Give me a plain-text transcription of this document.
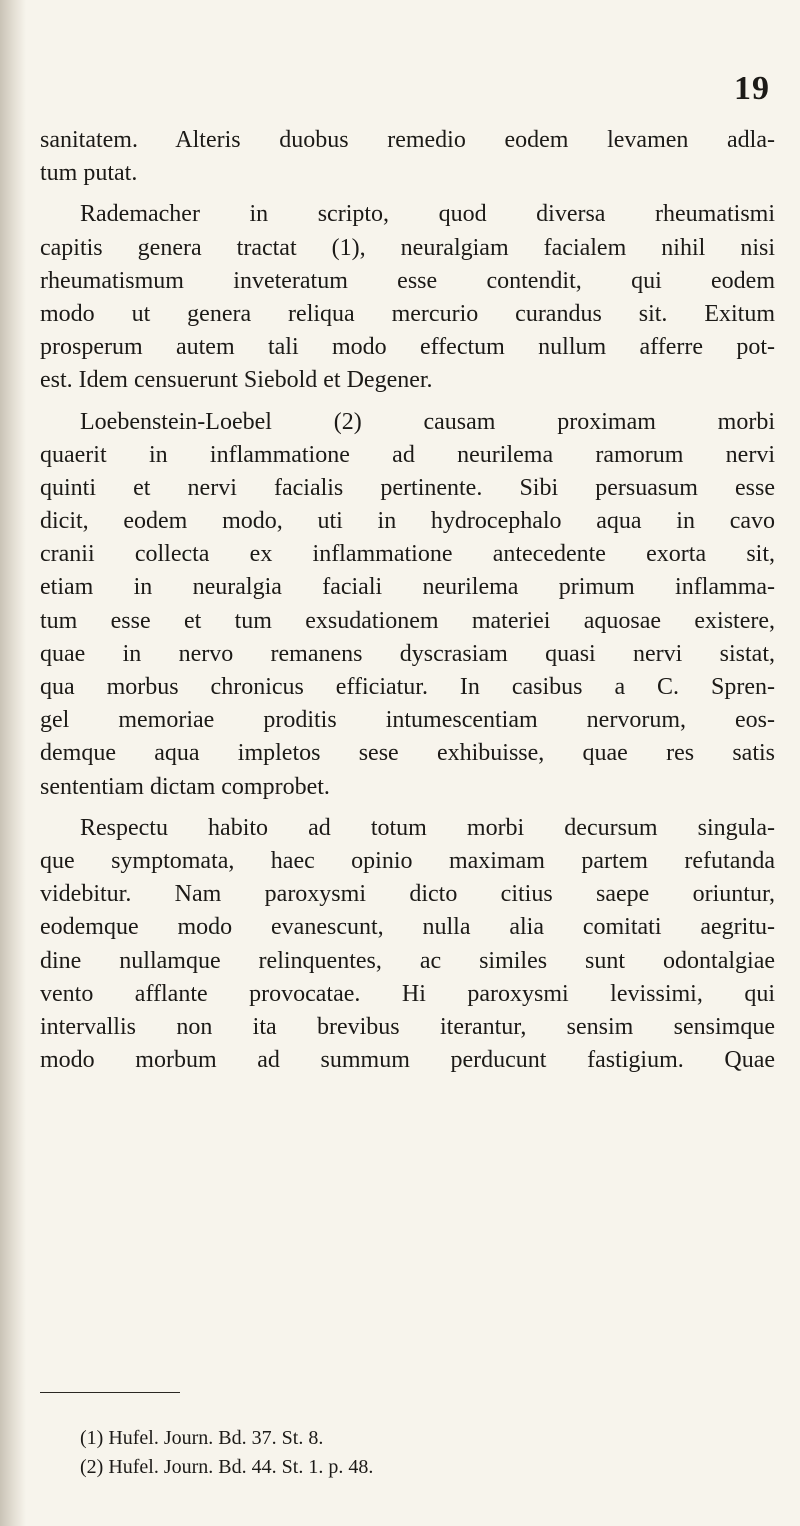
19
sanitatem. Alteris duobus remedio eodem levamen adla-
tum putat.
Rademacher in scripto, quod diversa rheumatismi
capitis genera tractat (1), neuralgiam facialem nihil nisi
rheumatismum inveteratum esse contendit, qui eodem
modo ut genera reliqua mercurio curandus sit. Exitum
prosperum autem tali modo effectum nullum afferre pot-
est. Idem censuerunt Siebold et Degener.
Loebenstein-Loebel (2) causam proximam morbi
quaerit in inflammatione ad neurilema ramorum nervi
quinti et nervi facialis pertinente. Sibi persuasum esse
dicit, eodem modo, uti in hydrocephalo aqua in cavo
cranii collecta ex inflammatione antecedente exorta sit,
etiam in neuralgia faciali neurilema primum inflamma-
tum esse et tum exsudationem materiei aquosae existere,
quae in nervo remanens dyscrasiam quasi nervi sistat,
qua morbus chronicus efficiatur. In casibus a C. Spren-
gel memoriae proditis intumescentiam nervorum, eos-
demque aqua impletos sese exhibuisse, quae res satis
sententiam dictam comprobet.
Respectu habito ad totum morbi decursum singula-
que symptomata, haec opinio maximam partem refutanda
videbitur. Nam paroxysmi dicto citius saepe oriuntur,
eodemque modo evanescunt, nulla alia comitati aegritu-
dine nullamque relinquentes, ac similes sunt odontalgiae
vento afflante provocatae. Hi paroxysmi levissimi, qui
intervallis non ita brevibus iterantur, sensim sensimque
modo morbum ad summum perducunt fastigium. Quae
(1) Hufel. Journ. Bd. 37. St. 8.
(2) Hufel. Journ. Bd. 44. St. 1. p. 48.
